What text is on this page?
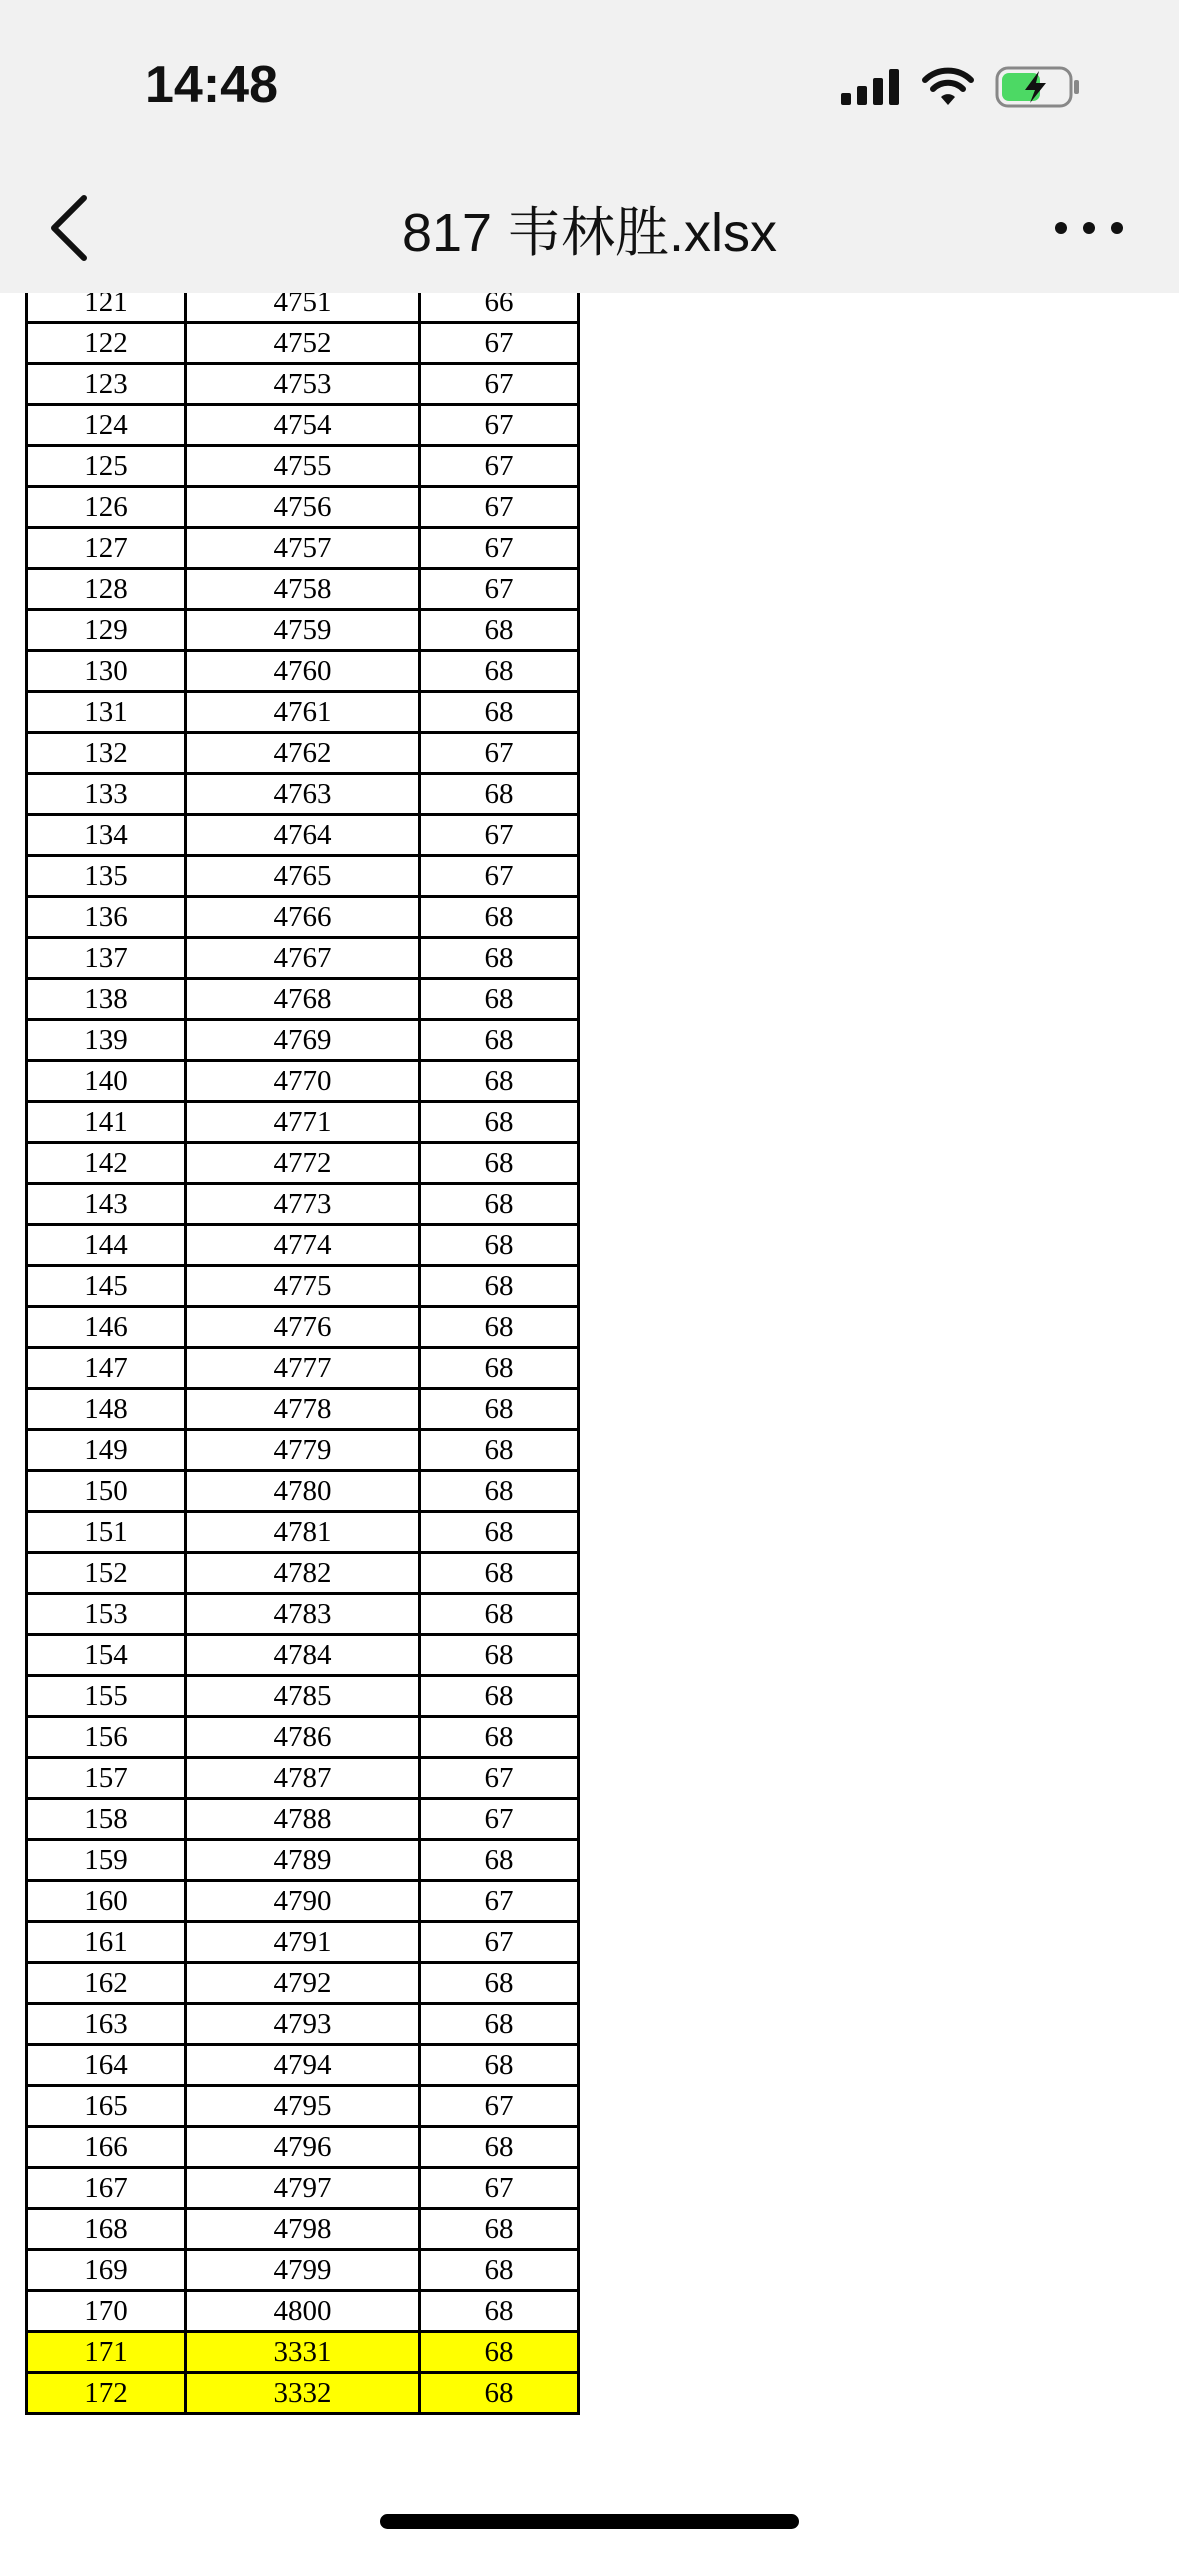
14:48
817 韦林胜.xlsx
121	4751	66
122	4752	67
123	4753	67
124	4754	67
125	4755	67
126	4756	67
127	4757	67
128	4758	67
129	4759	68
130	4760	68
131	4761	68
132	4762	67
133	4763	68
134	4764	67
135	4765	67
136	4766	68
137	4767	68
138	4768	68
139	4769	68
140	4770	68
141	4771	68
142	4772	68
143	4773	68
144	4774	68
145	4775	68
146	4776	68
147	4777	68
148	4778	68
149	4779	68
150	4780	68
151	4781	68
152	4782	68
153	4783	68
154	4784	68
155	4785	68
156	4786	68
157	4787	67
158	4788	67
159	4789	68
160	4790	67
161	4791	67
162	4792	68
163	4793	68
164	4794	68
165	4795	67
166	4796	68
167	4797	67
168	4798	68
169	4799	68
170	4800	68
171	3331	68
172	3332	68
